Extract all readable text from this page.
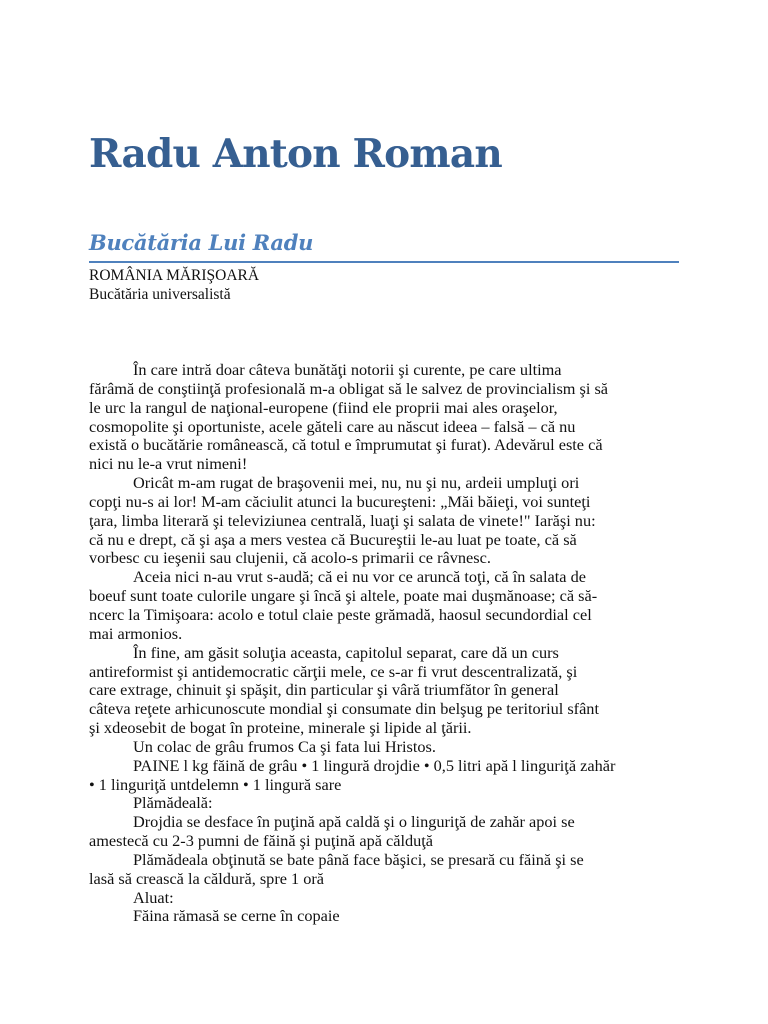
Radu Anton Roman
Bucătăria Lui Radu
ROMÂNIA MĂRIŞOARĂ
Bucătăria universalistă
În care intră doar câteva bunătăţi notorii şi curente, pe care ultima
fărâmă de conştiinţă profesională m-a obligat să le salvez de provincialism şi să
le urc la rangul de naţional-europene (fiind ele proprii mai ales oraşelor,
cosmopolite şi oportuniste, acele găteli care au născut ideea – falsă – că nu
există o bucătărie românească, că totul e împrumutat şi furat). Adevărul este că
nici nu le-a vrut nimeni!
Oricât m-am rugat de braşovenii mei, nu, nu şi nu, ardeii umpluţi ori
copţi nu-s ai lor! M-am căciulit atunci la bucureşteni: „Măi băieţi, voi sunteţi
ţara, limba literară şi televiziunea centrală, luaţi şi salata de vinete!" Iarăşi nu:
că nu e drept, că şi aşa a mers vestea că Bucureştii le-au luat pe toate, că să
vorbesc cu ieşenii sau clujenii, că acolo-s primarii ce râvnesc.
Aceia nici n-au vrut s-audă; că ei nu vor ce aruncă toţi, că în salata de
boeuf sunt toate culorile ungare şi încă şi altele, poate mai duşmănoase; că să-
ncerc la Timişoara: acolo e totul claie peste grămadă, haosul secundordial cel
mai armonios.
În fine, am găsit soluţia aceasta, capitolul separat, care dă un curs
antireformist şi antidemocratic cărţii mele, ce s-ar fi vrut descentralizată, şi
care extrage, chinuit şi spăşit, din particular şi vâră triumfător în general
câteva reţete arhicunoscute mondial şi consumate din belşug pe teritoriul sfânt
şi xdeosebit de bogat în proteine, minerale şi lipide al ţării.
Un colac de grâu frumos Ca şi fata lui Hristos.
PAINE l kg făină de grâu • 1 lingură drojdie • 0,5 litri apă l linguriţă zahăr
• 1 linguriţă untdelemn • 1 lingură sare
Plămădeală:
Drojdia se desface în puţină apă caldă şi o linguriţă de zahăr apoi se
amestecă cu 2-3 pumni de făină şi puţină apă călduţă
Plămădeala obţinută se bate până face băşici, se presară cu făină şi se
lasă să crească la căldură, spre 1 oră
Aluat:
Făina rămasă se cerne în copaie
